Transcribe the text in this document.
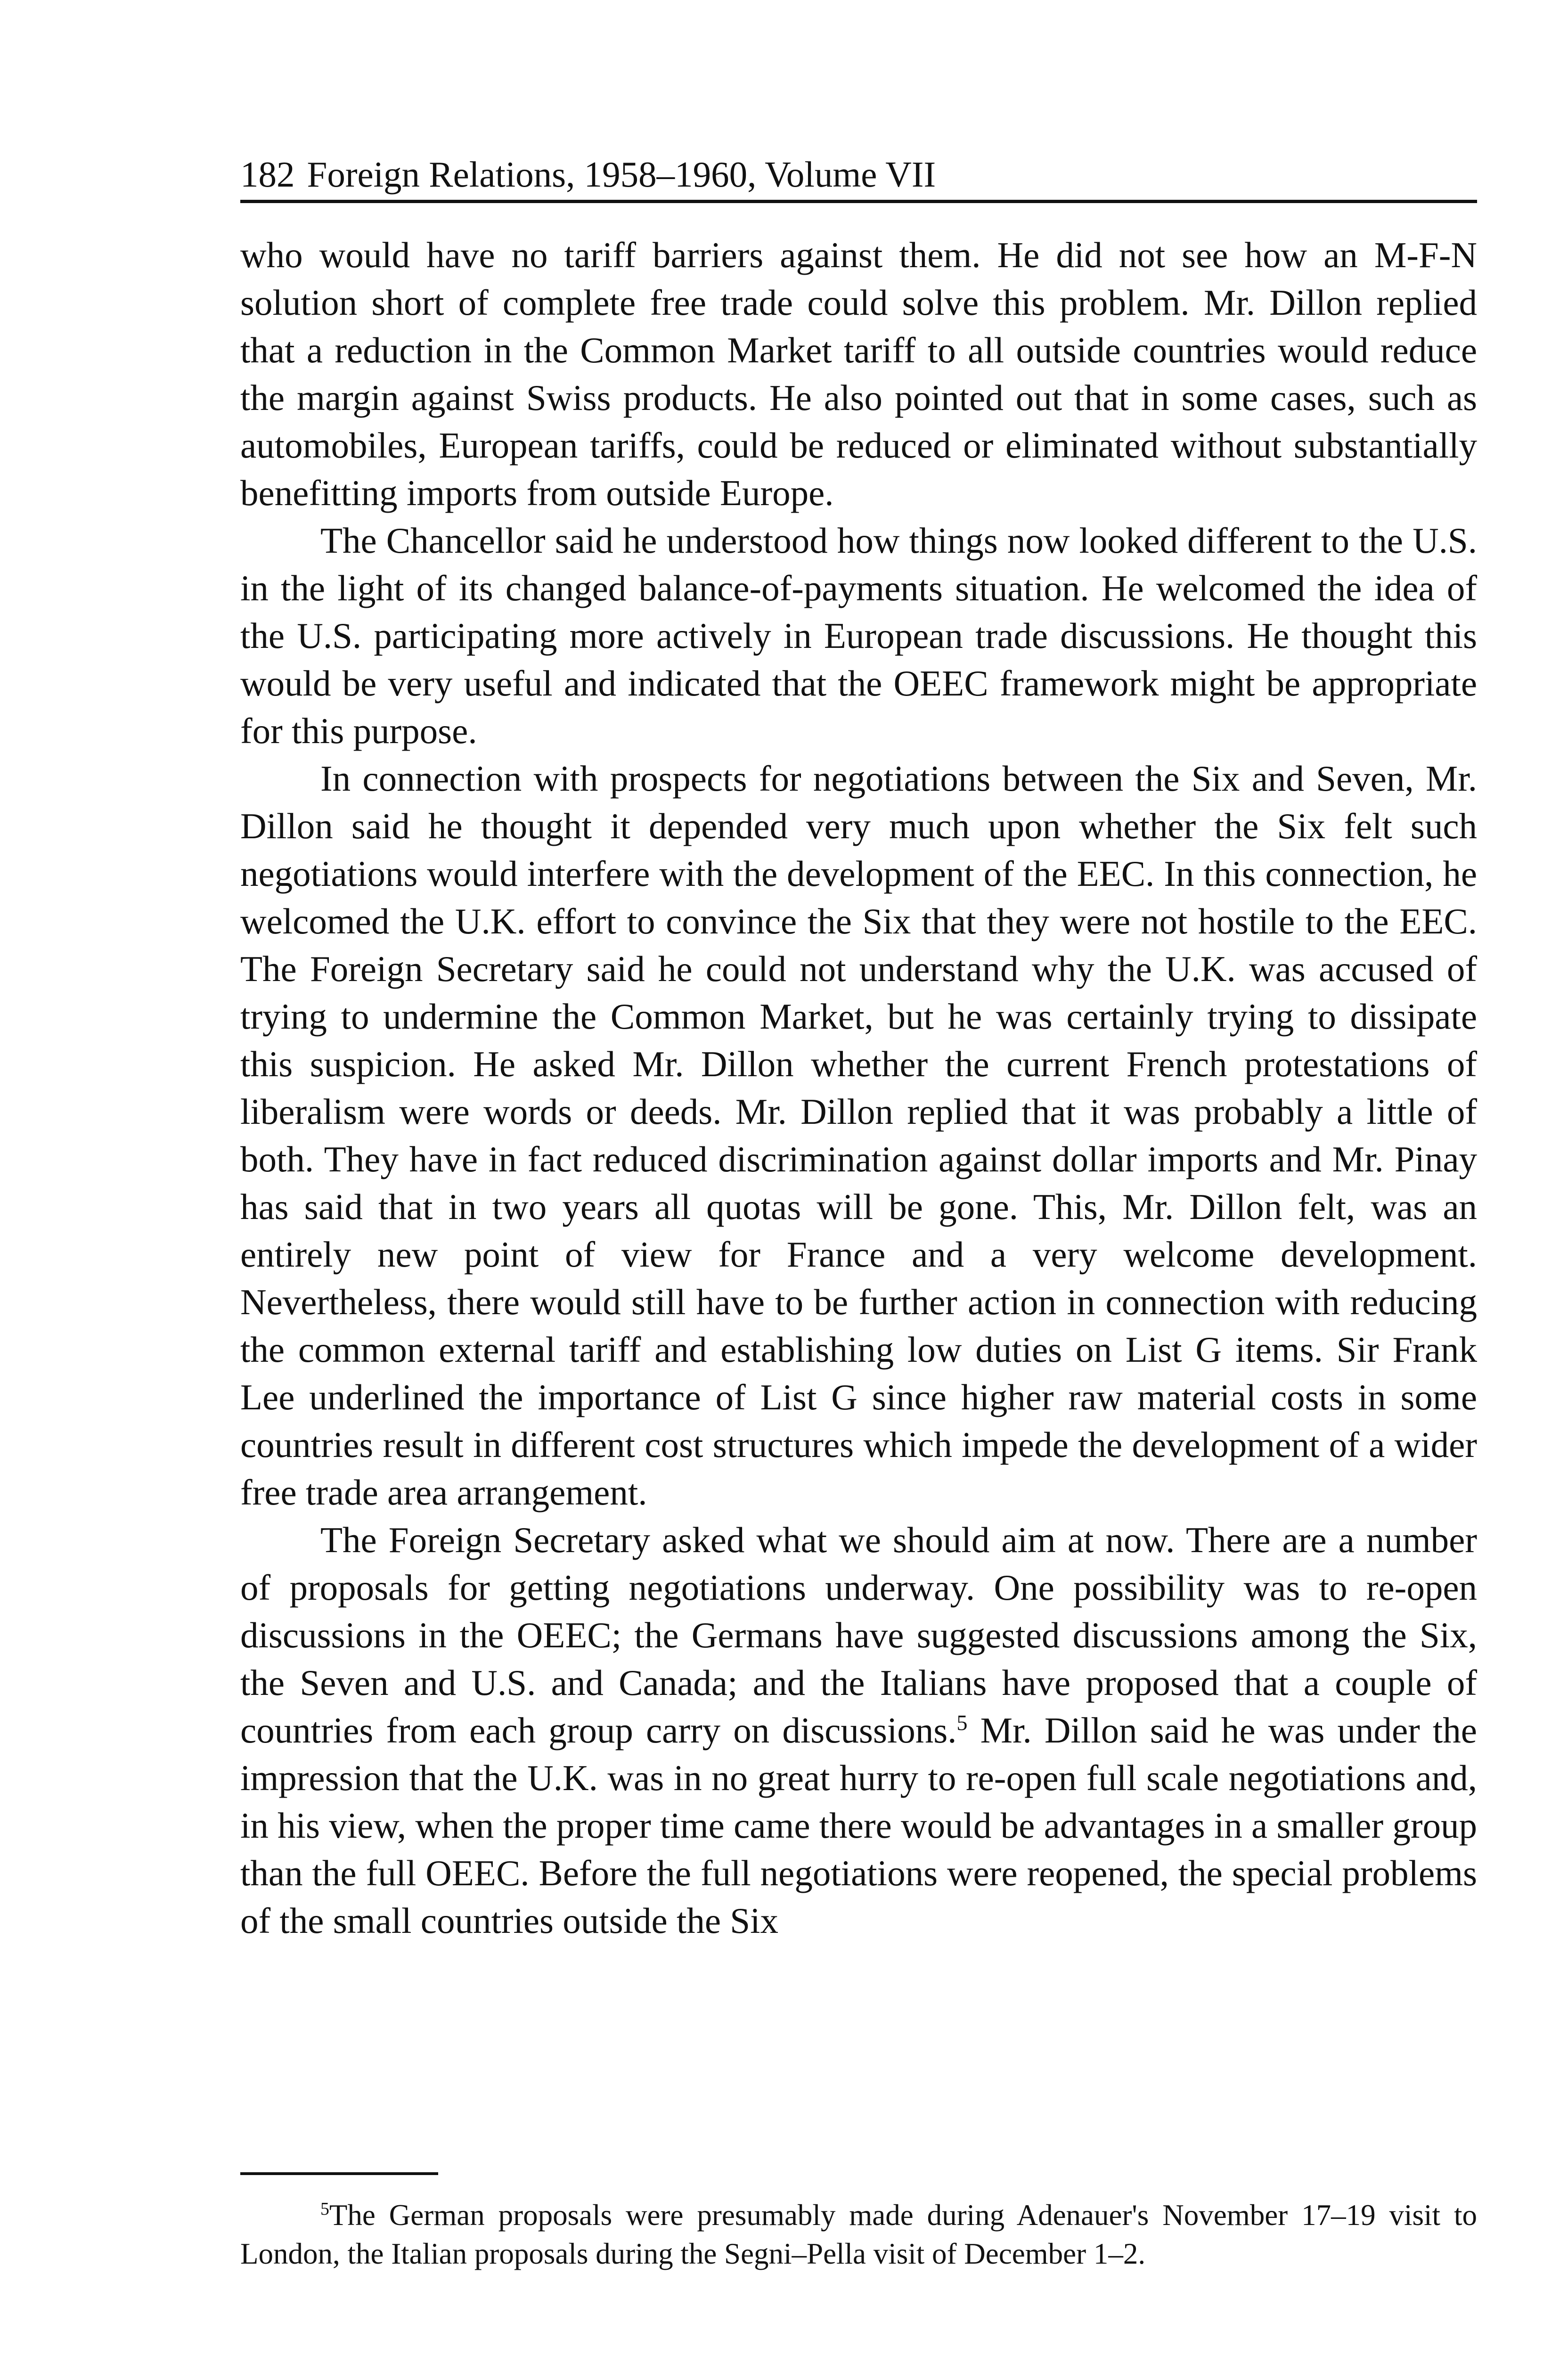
182 Foreign Relations, 1958–1960, Volume VII

who would have no tariff barriers against them. He did not see how an M-F-N solution short of complete free trade could solve this problem. Mr. Dillon replied that a reduction in the Common Market tariff to all outside countries would reduce the margin against Swiss products. He also pointed out that in some cases, such as automobiles, European tariffs, could be reduced or eliminated without substantially benefitting imports from outside Europe.

The Chancellor said he understood how things now looked different to the U.S. in the light of its changed balance-of-payments situation. He welcomed the idea of the U.S. participating more actively in European trade discussions. He thought this would be very useful and indicated that the OEEC framework might be appropriate for this purpose.

In connection with prospects for negotiations between the Six and Seven, Mr. Dillon said he thought it depended very much upon whether the Six felt such negotiations would interfere with the development of the EEC. In this connection, he welcomed the U.K. effort to convince the Six that they were not hostile to the EEC. The Foreign Secretary said he could not understand why the U.K. was accused of trying to undermine the Common Market, but he was certainly trying to dissipate this suspicion. He asked Mr. Dillon whether the current French protestations of liberalism were words or deeds. Mr. Dillon replied that it was probably a little of both. They have in fact reduced discrimination against dollar imports and Mr. Pinay has said that in two years all quotas will be gone. This, Mr. Dillon felt, was an entirely new point of view for France and a very welcome development. Nevertheless, there would still have to be further action in connection with reducing the common external tariff and establishing low duties on List G items. Sir Frank Lee underlined the importance of List G since higher raw material costs in some countries result in different cost structures which impede the development of a wider free trade area arrangement.

The Foreign Secretary asked what we should aim at now. There are a number of proposals for getting negotiations underway. One possibility was to re-open discussions in the OEEC; the Germans have suggested discussions among the Six, the Seven and U.S. and Canada; and the Italians have proposed that a couple of countries from each group carry on discussions.$^5$ Mr. Dillon said he was under the impression that the U.K. was in no great hurry to re-open full scale negotiations and, in his view, when the proper time came there would be advantages in a smaller group than the full OEEC. Before the full negotiations were reopened, the special problems of the small countries outside the Six

$^5$The German proposals were presumably made during Adenauer's November 17–19 visit to London, the Italian proposals during the Segni–Pella visit of December 1–2.
